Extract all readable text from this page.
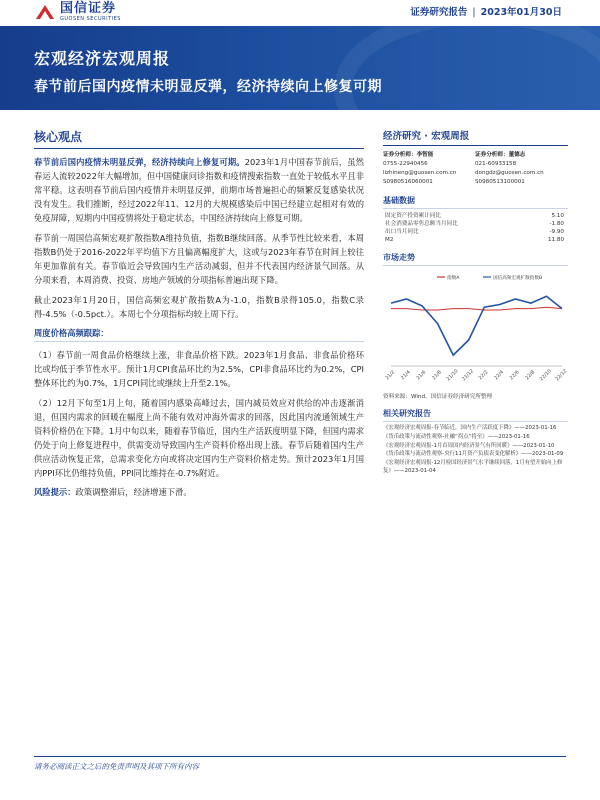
国信证券
GUOSEN SECURITIES
证券研究报告 | 2023年01月30日
宏观经济宏观周报
春节前后国内疫情未明显反弹，经济持续向上修复可期
核心观点

春节前后国内疫情未明显反弹，经济持续向上修复可期。2023年1月中国春节前后，虽然春运人流较2022年大幅增加，但中国健康问诊指数和疫情搜索指数一直处于较低水平且非常平稳。这表明春节前后国内疫情并未明显反弹，前期市场普遍担心的频繁反复感染状况没有发生。我们推断，经过2022年11、12月的大规模感染后中国已经建立起相对有效的免疫屏障，短期内中国疫情将处于稳定状态，中国经济持续向上修复可期。

春节前一周国信高频宏观扩散指数A维持负值，指数B继续回落。从季节性比较来看，本周指数B仍处于2016-2022年平均值下方且偏离幅度扩大，这或与2023年春节在时间上较往年更加靠前有关。春节临近会导致国内生产活动减弱，但并不代表国内经济景气回落。从分项来看，本周消费、投资、房地产领域的分项指标普遍出现下降。

截止2023年1月20日，国信高频宏观扩散指数A为-1.0，指数B录得105.0，指数C录得-4.5%（-0.5pct.）。本周七个分项指标均较上周下行。

周度价格高频跟踪：

（1）春节前一周食品价格继续上涨，非食品价格下跌。2023年1月食品、非食品价格环比或均低于季节性水平。预计1月CPI食品环比约为2.5%，CPI非食品环比约为0.2%，CPI整体环比约为0.7%，1月CPI同比或继续上升至2.1%。

（2）12月下旬至1月上旬，随着国内感染高峰过去，国内减员效应对供给的冲击逐渐消退，但国内需求的回暖在幅度上尚不能有效对冲海外需求的回落，因此国内流通领域生产资料价格仍在下降。1月中旬以来，随着春节临近，国内生产活跃度明显下降，但国内需求仍处于向上修复进程中，供需变动导致国内生产资料价格出现上涨。春节后随着国内生产供应活动恢复正常，总需求变化方向或将决定国内生产资料价格走势。预计2023年1月国内PPI环比仍维持负值，PPI同比维持在-0.7%附近。

风险提示：政策调整滞后，经济增速下滑。
经济研究 · 宏观周报
证券分析师：李智能
0755-22940456
lizhineng@guosen.com.cn
S0980516060001
证券分析师：董德志
021-60933158
dongdz@guosen.com.cn
S0980513100001
基础数据
固定资产投资累计同比	5.10
社会消费品零售总额当月同比	-1.80
出口当月同比	-9.90
M2	11.80
市场走势
指数A	国信高频宏观扩散指数B
21/2 21/4 21/6 21/8 21/10 21/12 22/2 22/4 22/6 22/8 22/10 22/12
资料来源：Wind、国信证券经济研究所整理
相关研究报告
《宏观经济宏观周报-春节临近，国内生产活跃度下降》——2023-01-16
《货币政策与流动性观察-社融“拐点”将至》——2023-01-16
《宏观经济宏观周报-1月首周国内经济景气有所回暖》——2023-01-10
《货币政策与流动性观察-央行11月资产负债表变化解析》——2023-01-09
《宏观经济宏观周报-12月检国经济景气水平继续回落，1月有望开始向上修复》——2023-01-04
请务必阅读正文之后的免责声明及其项下所有内容
